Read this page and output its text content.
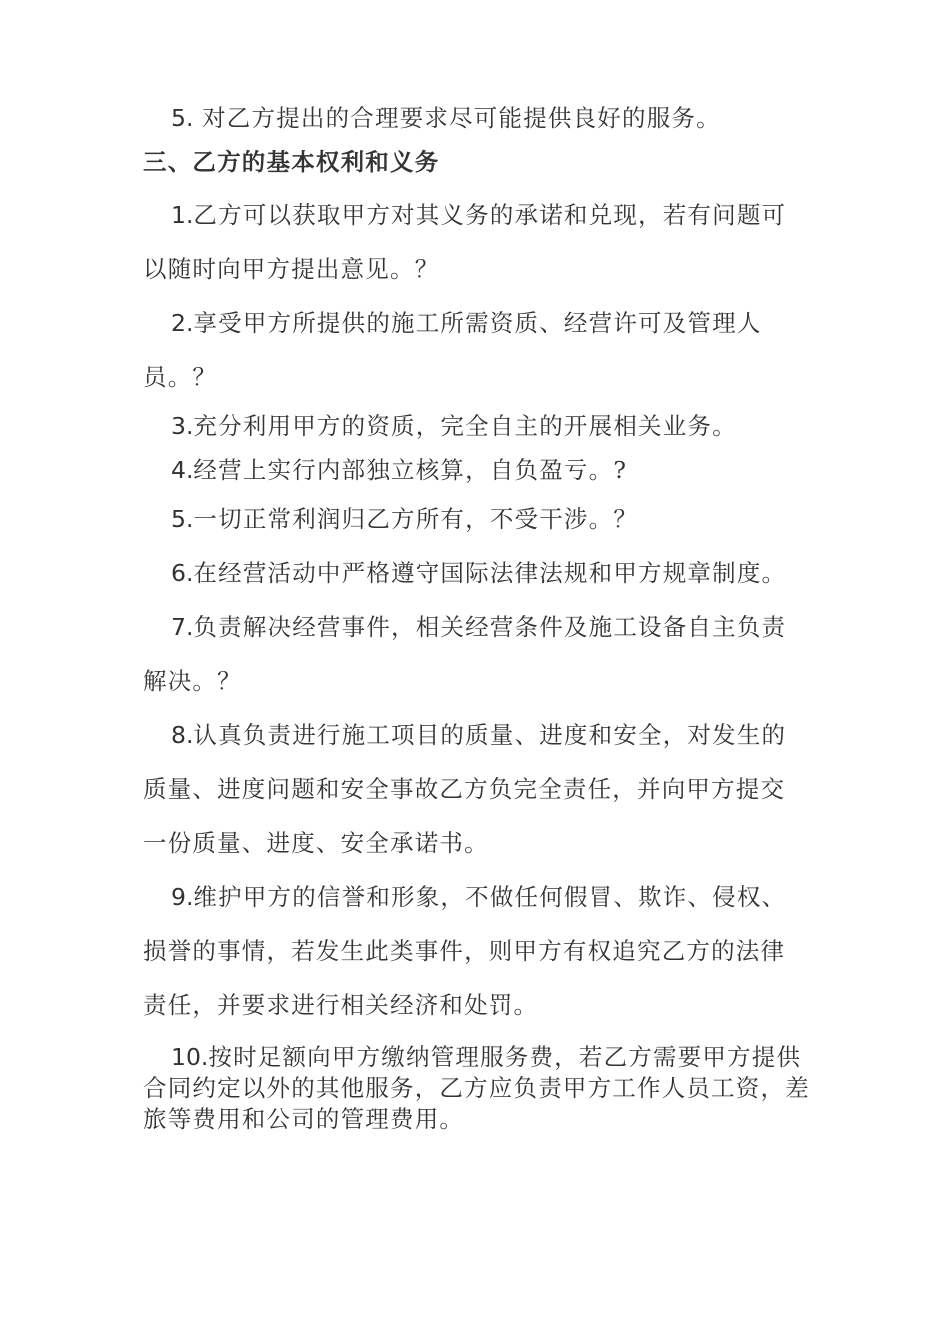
5. 对乙方提出的合理要求尽可能提供良好的服务。

三、乙方的基本权利和义务

1.乙方可以获取甲方对其义务的承诺和兑现，若有问题可 以随时向甲方提出意见。？

2.享受甲方所提供的施工所需资质、经营许可及管理人员。？

3.充分利用甲方的资质，完全自主的开展相关业务。

4.经营上实行内部独立核算，自负盈亏。?

5.一切正常利润归乙方所有，不受干涉。？

6.在经营活动中严格遵守国际法律法规和甲方规章制度。

7.负责解决经营事件，相关经营条件及施工设备自主负责 解决。？

8.认真负责进行施工项目的质量、进度和安全，对发生的 质量、进度问题和安全事故乙方负完全责任，并向甲方提交 一份质量、进度、安全承诺书。

9.维护甲方的信誉和形象，不做任何假冒、欺诈、侵权、 损誉的事情，若发生此类事件，则甲方有权追究乙方的法律 责任，并要求进行相关经济和处罚。

10.按时足额向甲方缴纳管理服务费，若乙方需要甲方提供合同约定以外的其他服务，乙方应负责甲方工作人员工资，差旅等费用和公司的管理费用。
